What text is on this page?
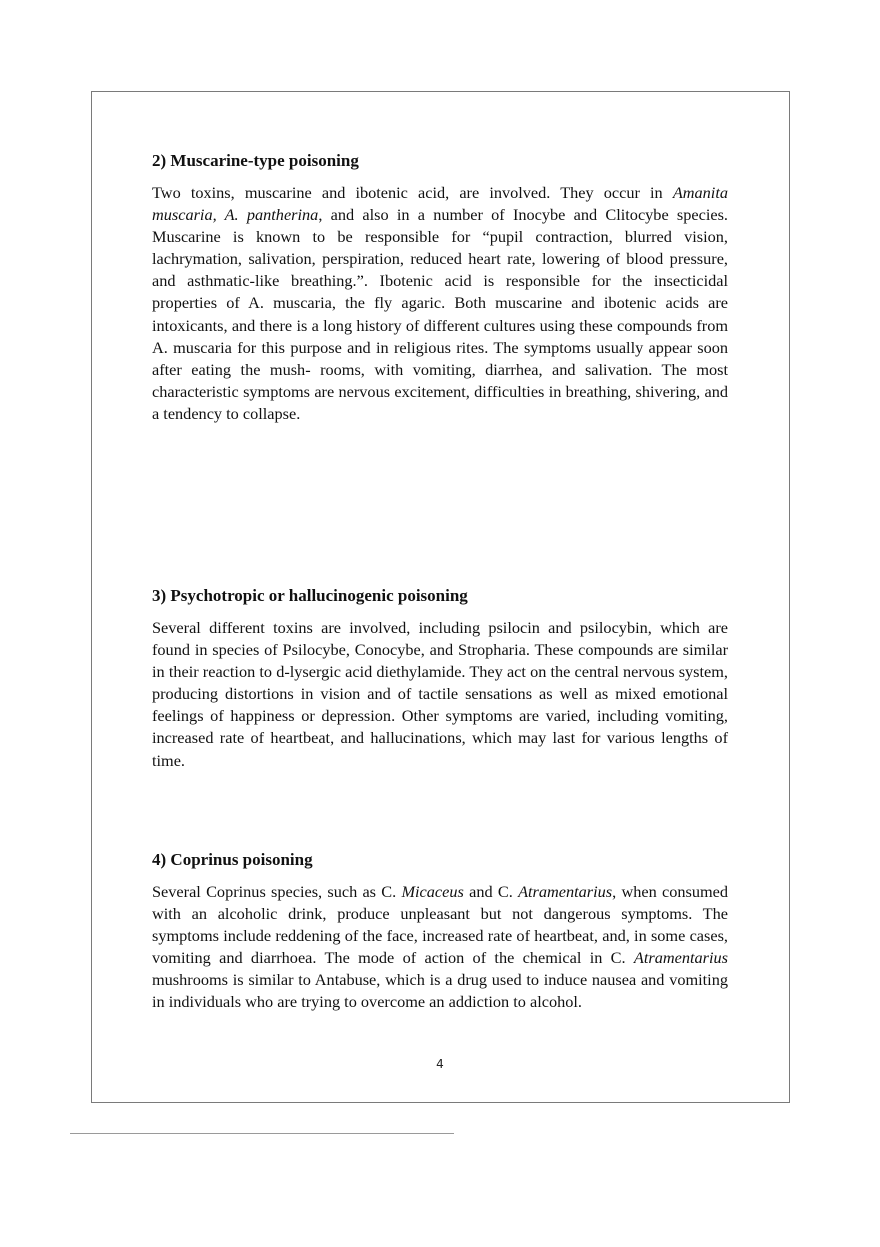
2) Muscarine-type poisoning

Two toxins, muscarine and ibotenic acid, are involved. They occur in Amanita muscaria, A. pantherina, and also in a number of Inocybe and Clitocybe species. Muscarine is known to be responsible for “pupil contraction, blurred vision, lachrymation, salivation, perspiration, reduced heart rate, lowering of blood pressure, and asthmatic-like breathing.”. Ibotenic acid is responsible for the insecticidal properties of A. muscaria, the fly agaric. Both muscarine and ibotenic acids are intoxicants, and there is a long history of different cultures using these compounds from A. muscaria for this purpose and in religious rites. The symptoms usually appear soon after eating the mush- rooms, with vomiting, diarrhea, and salivation. The most characteristic symptoms are nervous excitement, difficulties in breathing, shivering, and a tendency to collapse.

3) Psychotropic or hallucinogenic poisoning

Several different toxins are involved, including psilocin and psilocybin, which are found in species of Psilocybe, Conocybe, and Stropharia. These compounds are similar in their reaction to d-lysergic acid diethylamide. They act on the central nervous system, producing distortions in vision and of tactile sensations as well as mixed emotional feelings of happiness or depression. Other symptoms are varied, including vomiting, increased rate of heartbeat, and hallucinations, which may last for various lengths of time.

4) Coprinus poisoning

Several Coprinus species, such as C. Micaceus and C. Atramentarius, when consumed with an alcoholic drink, produce unpleasant but not dangerous symptoms. The symptoms include reddening of the face, increased rate of heartbeat, and, in some cases, vomiting and diarrhoea. The mode of action of the chemical in C. Atramentarius mushrooms is similar to Antabuse, which is a drug used to induce nausea and vomiting in individuals who are trying to overcome an addiction to alcohol.

4
